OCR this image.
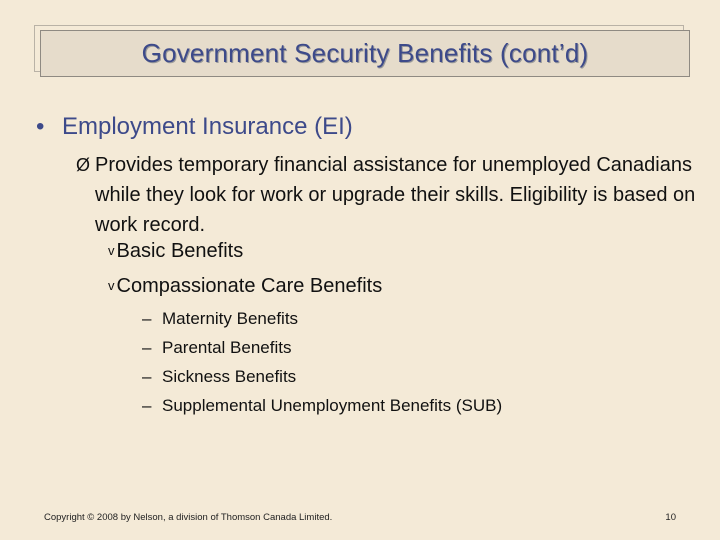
Government Security Benefits (cont’d)
• Employment Insurance (EI)
Ø Provides temporary financial assistance for unemployed Canadians while they look for work or upgrade their skills. Eligibility is based on work record.
v Basic Benefits
v Compassionate Care Benefits
– Maternity Benefits
– Parental Benefits
– Sickness Benefits
– Supplemental Unemployment Benefits (SUB)
Copyright © 2008 by Nelson, a division of Thomson Canada Limited.	10
